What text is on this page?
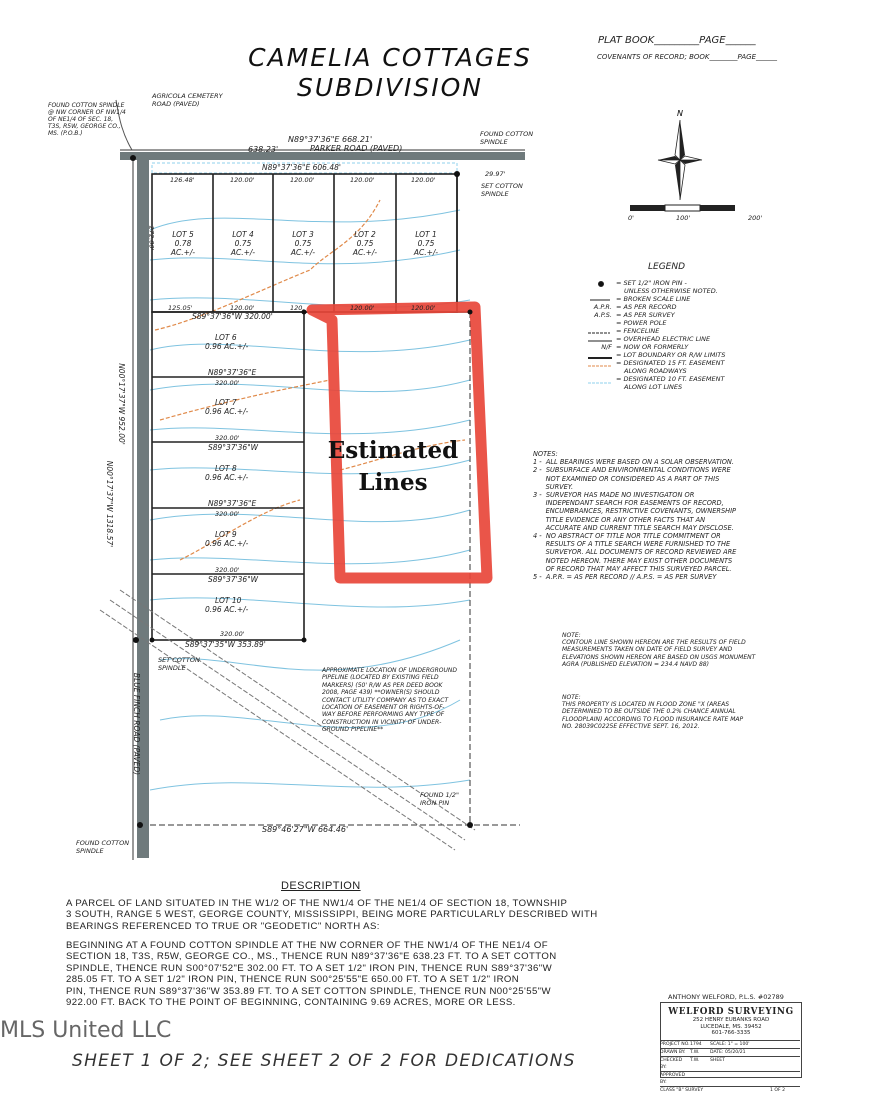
CAMELIA COTTAGES
SUBDIVISION
PLAT BOOK_________PAGE______
COVENANTS OF RECORD; BOOK________PAGE______
N
N89°37'36"E 668.21'
638.23'	PARKER ROAD (PAVED)
N89°37'36"E 606.48'
29.97'
AGRICOLA CEMETERY
ROAD (PAVED)
FOUND COTTON SPINDLE
@ NW CORNER OF NW1/4
OF NE1/4 OF SEC. 18,
T3S, R5W, GEORGE CO.,
MS. (P.O.B.)	FOUND COTTON
SPINDLE
SET COTTON
SPINDLE
126.48'	120.00'	120.00'	120.00'	120.00'
LOT 5
0.78
AC.+/-
LOT 4
0.75
AC.+/-
LOT 3
0.75
AC.+/-
LOT 2
0.75
AC.+/-
LOT 1
0.75
AC.+/-
272.00'
125.05'	120.00'	120.	120.00'	120.00'
S89°37'36"W 320.00'
LOT 6
0.96 AC.+/-
N89°37'36"E
320.00'
LOT 7
0.96 AC.+/-
320.00'
S89°37'36"W
LOT 8
0.96 AC.+/-
N89°37'36"E
320.00'
LOT 9
0.96 AC.+/-
320.00'
S89°37'36"W
LOT 10
0.96 AC.+/-
320.00'
S89°37'35"W 353.89'
N00°17'37"W 952.00'
N00°17'37"W 1318.57'
BLUE FINCH ROAD (PAVED)
SET COTTON
SPINDLE
FOUND COTTON
SPINDLE
FOUND 1/2"
IRON PIN
S89°46'27"W 664.46'
APPROXIMATE LOCATION OF UNDERGROUND
PIPELINE (LOCATED BY EXISTING FIELD
MARKERS) (50' R/W AS PER DEED BOOK
2008, PAGE 439) **OWNER(S) SHOULD
CONTACT UTILITY COMPANY AS TO EXACT
LOCATION OF EASEMENT OR RIGHTS-OF-
WAY BEFORE PERFORMING ANY TYPE OF
CONSTRUCTION IN VICINITY OF UNDER-
GROUND PIPELINE**
Estimated
Lines
0'	100'	200'
LEGEND
= SET 1/2" IRON PIN -
UNLESS OTHERWISE NOTED.
= BROKEN SCALE LINE
A.P.R. = AS PER RECORD
A.P.S. = AS PER SURVEY
= POWER POLE
= FENCELINE
= OVERHEAD ELECTRIC LINE
N/F = NOW OR FORMERLY
= LOT BOUNDARY OR R/W LIMITS
= DESIGNATED 15 FT. EASEMENT
ALONG ROADWAYS
= DESIGNATED 10 FT. EASEMENT
ALONG LOT LINES
NOTES:
1 -  ALL BEARINGS WERE BASED ON A SOLAR OBSERVATION.
2 -  SUBSURFACE AND ENVIRONMENTAL CONDITIONS WERE
NOT EXAMINED OR CONSIDERED AS A PART OF THIS
SURVEY.
3 -  SURVEYOR HAS MADE NO INVESTIGATON OR
INDEPENDANT SEARCH FOR EASEMENTS OF RECORD,
ENCUMBRANCES, RESTRICTIVE COVENANTS, OWNERSHIP
TITLE EVIDENCE OR ANY OTHER FACTS THAT AN
ACCURATE AND CURRENT TITLE SEARCH MAY DISCLOSE.
4 -  NO ABSTRACT OF TITLE NOR TITLE COMMITMENT OR
RESULTS OF A TITLE SEARCH WERE FURNISHED TO THE
SURVEYOR. ALL DOCUMENTS OF RECORD REVIEWED ARE
NOTED HEREON. THERE MAY EXIST OTHER DOCUMENTS
OF RECORD THAT MAY AFFECT THIS SURVEYED PARCEL.
5 -  A.P.R. = AS PER RECORD // A.P.S. = AS PER SURVEY
NOTE:
CONTOUR LINE SHOWN HEREON ARE THE RESULTS OF FIELD
MEASUREMENTS TAKEN ON DATE OF FIELD SURVEY AND
ELEVATIONS SHOWN HEREON ARE BASED ON USGS MONUMENT
AGRA (PUBLISHED ELEVATION = 234.4 NAVD 88)
NOTE:
THIS PROPERTY IS LOCATED IN FLOOD ZONE "X (AREAS
DETERMINED TO BE OUTSIDE THE 0.2% CHANCE ANNUAL
FLOODPLAIN) ACCORDING TO FLOOD INSURANCE RATE MAP
NO. 28039C0225E EFFECTIVE SEPT. 16, 2012.
DESCRIPTION
A PARCEL OF LAND SITUATED IN THE W1/2 OF THE NW1/4 OF THE NE1/4 OF SECTION 18, TOWNSHIP
3 SOUTH, RANGE 5 WEST, GEORGE COUNTY, MISSISSIPPI, BEING MORE PARTICULARLY DESCRIBED WITH
BEARINGS REFERENCED TO TRUE OR "GEODETIC" NORTH AS:
BEGINNING AT A FOUND COTTON SPINDLE AT THE NW CORNER OF THE NW1/4 OF THE NE1/4 OF
SECTION 18, T3S, R5W, GEORGE CO., MS., THENCE RUN N89°37'36"E 638.23 FT. TO A SET COTTON
SPINDLE, THENCE RUN S00°07'52"E 302.00 FT. TO A SET 1/2" IRON PIN, THENCE RUN S89°37'36"W
285.05 FT. TO A SET 1/2" IRON PIN, THENCE RUN S00°25'55"E 650.00 FT. TO A SET 1/2" IRON
PIN, THENCE RUN S89°37'36"W 353.89 FT. TO A SET COTTON SPINDLE, THENCE RUN N00°25'55"W
922.00 FT. BACK TO THE POINT OF BEGINNING, CONTAINING 9.69 ACRES, MORE OR LESS.
ANTHONY WELFORD, P.L.S. #02789
WELFORD SURVEYING
252 HENRY EUBANKS ROAD
LUCEDALE, MS. 39452
601-766-3335
PROJECT NO. 1794	SCALE: 1" = 100'
DRAWN BY: T.W.	DATE: 05/20/21
CHECKED BY:
T.W.	SHEET
APPROVED BY:
CLASS "B" SURVEY	1 OF 2
MLS United LLC
SHEET 1 OF 2; SEE SHEET 2 OF 2 FOR DEDICATIONS
